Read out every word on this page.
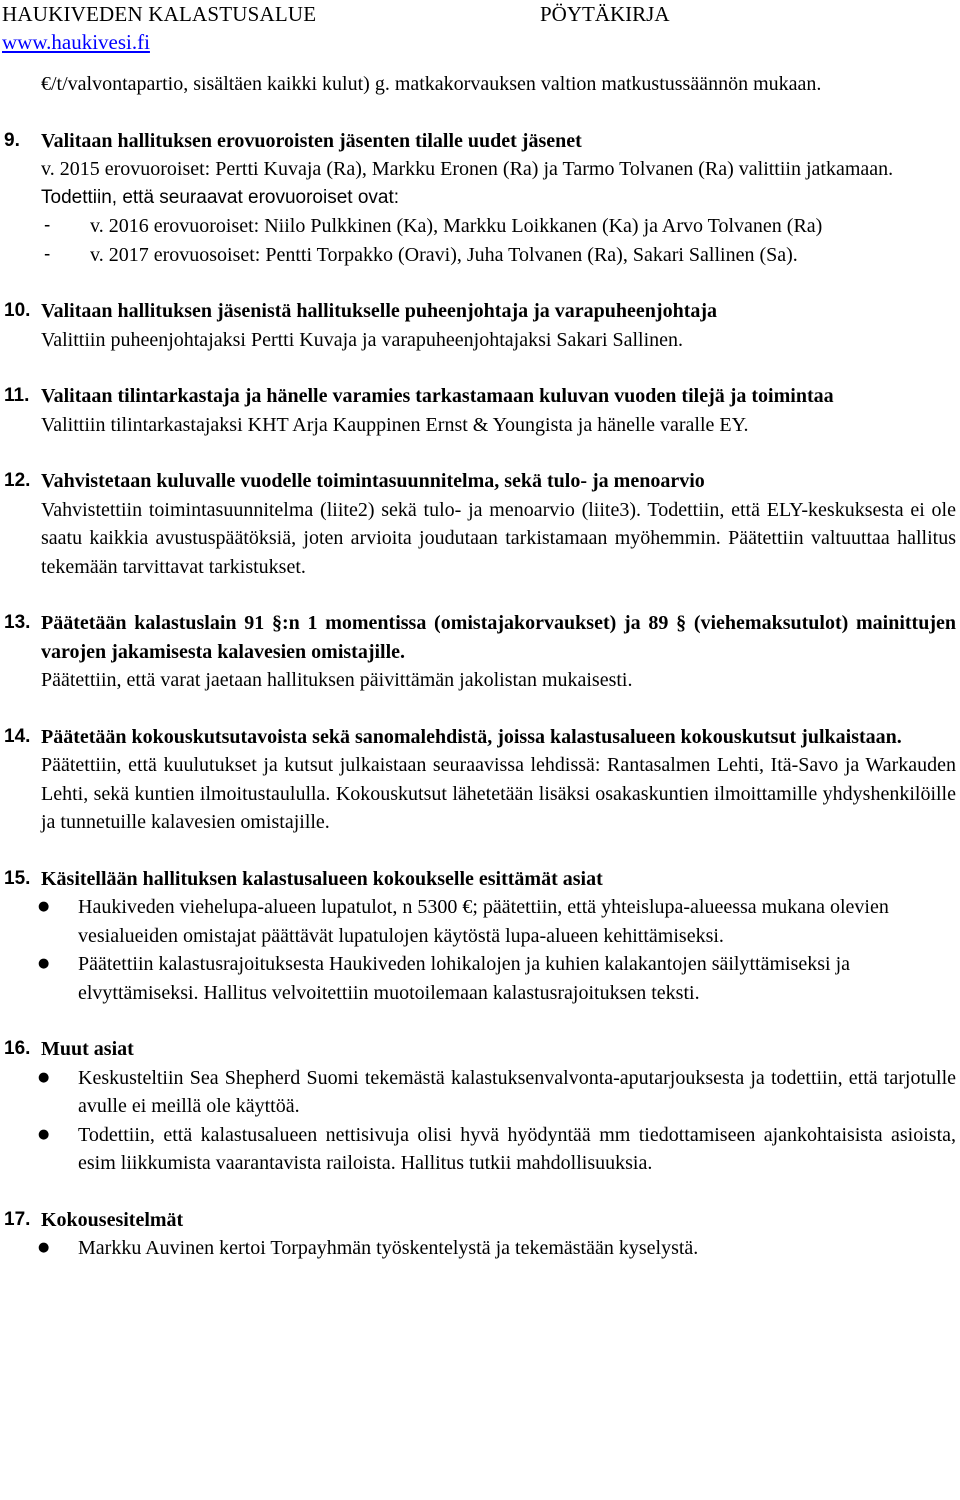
HAUKIVEDEN KALASTUSALUE	PÖYTÄKIRJA
www.haukivesi.fi

€/t/valvontapartio, sisältäen kaikki kulut) g. matkakorvauksen valtion matkustussäännön mukaan.

9. Valitaan hallituksen erovuoroisten jäsenten tilalle uudet jäsenet
v. 2015 erovuoroiset: Pertti Kuvaja (Ra), Markku Eronen (Ra) ja Tarmo Tolvanen (Ra) valittiin jatkamaan.
Todettiin, että seuraavat erovuoroiset ovat:
- v. 2016 erovuoroiset: Niilo Pulkkinen (Ka), Markku Loikkanen (Ka) ja Arvo Tolvanen (Ra)
- v. 2017 erovuosoiset: Pentti Torpakko (Oravi), Juha Tolvanen (Ra), Sakari Sallinen (Sa).
10. Valitaan hallituksen jäsenistä hallitukselle puheenjohtaja ja varapuheenjohtaja
Valittiin puheenjohtajaksi Pertti Kuvaja ja varapuheenjohtajaksi Sakari Sallinen.
11. Valitaan tilintarkastaja ja hänelle varamies tarkastamaan kuluvan vuoden tilejä ja toimintaa
Valittiin tilintarkastajaksi KHT Arja Kauppinen Ernst & Youngista ja hänelle varalle EY.
12. Vahvistetaan kuluvalle vuodelle toimintasuunnitelma, sekä tulo- ja menoarvio
Vahvistettiin toimintasuunnitelma (liite2) sekä tulo- ja menoarvio (liite3). Todettiin, että ELY-keskuksesta ei ole saatu kaikkia avustuspäätöksiä, joten arvioita joudutaan tarkistamaan myöhemmin. Päätettiin valtuuttaa hallitus tekemään tarvittavat tarkistukset.
13. Päätetään kalastuslain 91 §:n 1 momentissa (omistajakorvaukset) ja 89 § (viehemaksutulot) mainittujen varojen jakamisesta kalavesien omistajille.
Päätettiin, että varat jaetaan hallituksen päivittämän jakolistan mukaisesti.
14. Päätetään kokouskutsutavoista sekä sanomalehdistä, joissa kalastusalueen kokouskutsut julkaistaan.
Päätettiin, että kuulutukset ja kutsut julkaistaan seuraavissa lehdissä: Rantasalmen Lehti, Itä-Savo ja Warkauden Lehti, sekä kuntien ilmoitustaululla. Kokouskutsut lähetetään lisäksi osakaskuntien ilmoittamille yhdyshenkilöille ja tunnetuille kalavesien omistajille.
15. Käsitellään hallituksen kalastusalueen kokoukselle esittämät asiat
● Haukiveden viehelupa-alueen lupatulot, n 5300 €; päätettiin, että yhteislupa-alueessa mukana olevien vesialueiden omistajat päättävät lupatulojen käytöstä lupa-alueen kehittämiseksi.
● Päätettiin kalastusrajoituksesta Haukiveden lohikalojen ja kuhien kalakantojen säilyttämiseksi ja elvyttämiseksi. Hallitus velvoitettiin muotoilemaan kalastusrajoituksen teksti.
16. Muut asiat
● Keskusteltiin Sea Shepherd Suomi tekemästä kalastuksenvalvonta-aputarjouksesta ja todettiin, että tarjotulle avulle ei meillä ole käyttöä.
● Todettiin, että kalastusalueen nettisivuja olisi hyvä hyödyntää mm tiedottamiseen ajankohtaisista asioista, esim liikkumista vaarantavista railoista. Hallitus tutkii mahdollisuuksia.
17. Kokousesitelmät
● Markku Auvinen kertoi Torpayhmän työskentelystä ja tekemästään kyselystä.
